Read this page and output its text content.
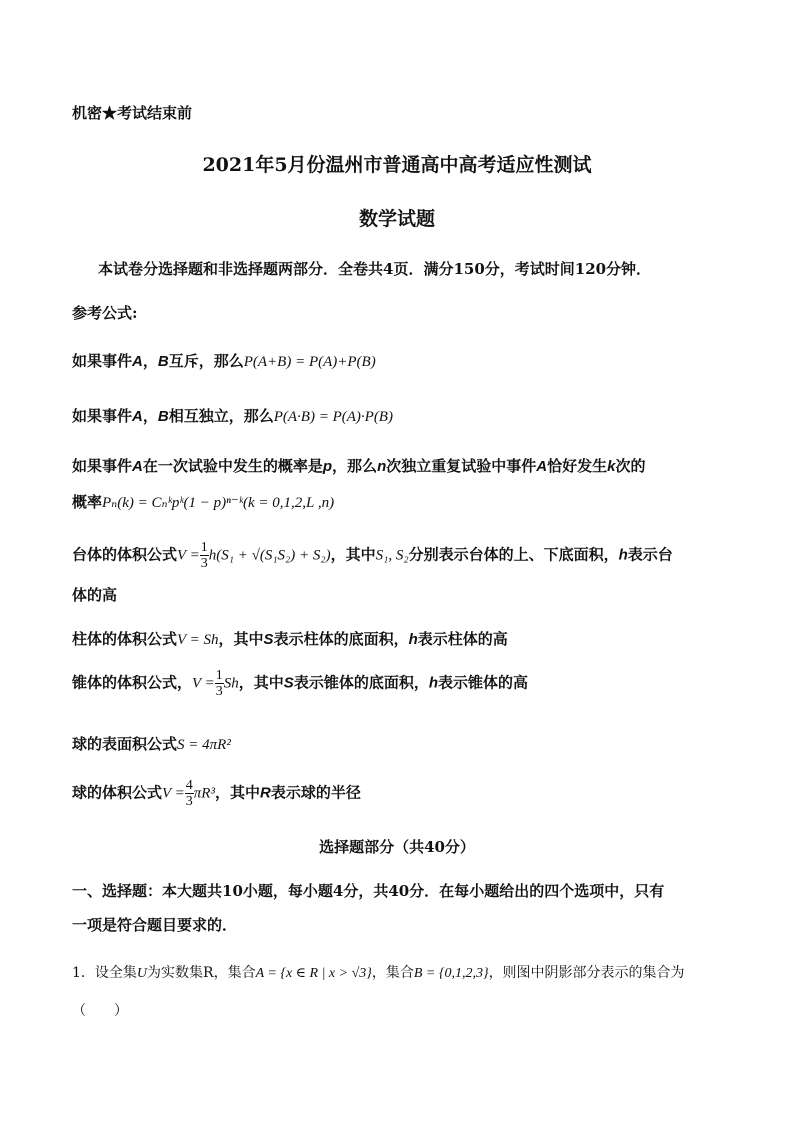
机密★考试结束前
2021年5月份温州市普通高中高考适应性测试
数学试题
本试卷分选择题和非选择题两部分．全卷共4页．满分150分，考试时间120分钟．
参考公式:
如果事件A，B互斥，那么P(A+B) = P(A)+P(B)
如果事件A，B相互独立，那么P(A·B) = P(A)·P(B)
如果事件A在一次试验中发生的概率是p，那么n次独立重复试验中事件A恰好发生k次的
概率Pₙ(k) = Cₙᵏpᵏ(1 − p)ⁿ⁻ᵏ(k = 0,1,2,L ,n)
台体的体积公式$V = \frac{1}{3} h(S_1 + √(S_1S_2) + S_2)$，其中S₁, S₂分别表示台体的上、下底面积，h表示台
体的高
柱体的体积公式V = Sh，其中S表示柱体的底面积，h表示柱体的高
锥体的体积公式，$V = \frac{1}{3}$ Sh，其中S表示锥体的底面积，h表示锥体的高
球的表面积公式S = 4πR²
球的体积公式$V = \frac{4}{3} \pi R^3$，其中R表示球的半径
选择题部分（共40分）
一、选择题：本大题共10小题，每小题4分，共40分．在每小题给出的四个选项中，只有
一项是符合题目要求的．
1．设全集U为实数集R，集合A = {x ∈ R | x > √3}，集合B = {0,1,2,3}，则图中阴影部分表示的集合为
（　　）
